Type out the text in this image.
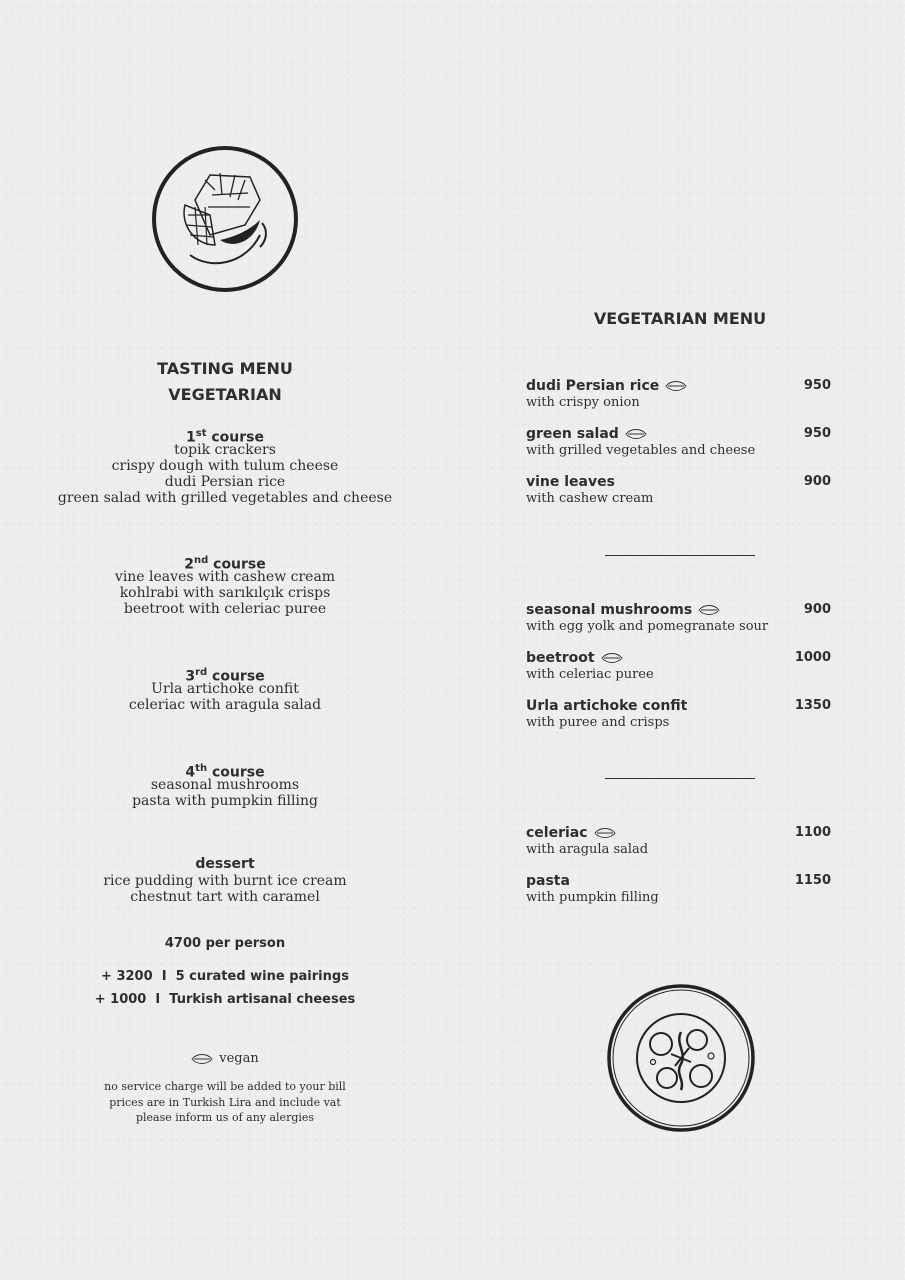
TASTING MENU
VEGETARIAN
1st course
topik crackers
crispy dough with tulum cheese
dudi Persian rice
green salad with grilled vegetables and cheese
2nd course
vine leaves with cashew cream
kohlrabi with sarıkılçık crisps
beetroot with celeriac puree
3rd course
Urla artichoke confit
celeriac with aragula salad
4th course
seasonal mushrooms
pasta with pumpkin filling
dessert
rice pudding with burnt ice cream
chestnut tart with caramel
4700 per person
+ 3200  I  5 curated wine pairings
+ 1000  I  Turkish artisanal cheeses
vegan
no service charge will be added to your bill
prices are in Turkish Lira and include vat
please inform us of any alergies
VEGETARIAN MENU
dudi Persian rice
with crispy onion
950
green salad
with grilled vegetables and cheese
950
vine leaves
with cashew cream
900
seasonal mushrooms
with egg yolk and pomegranate sour
900
beetroot
with celeriac puree
1000
Urla artichoke confit
with puree and crisps
1350
celeriac
with aragula salad
1100
pasta
with pumpkin filling
1150
